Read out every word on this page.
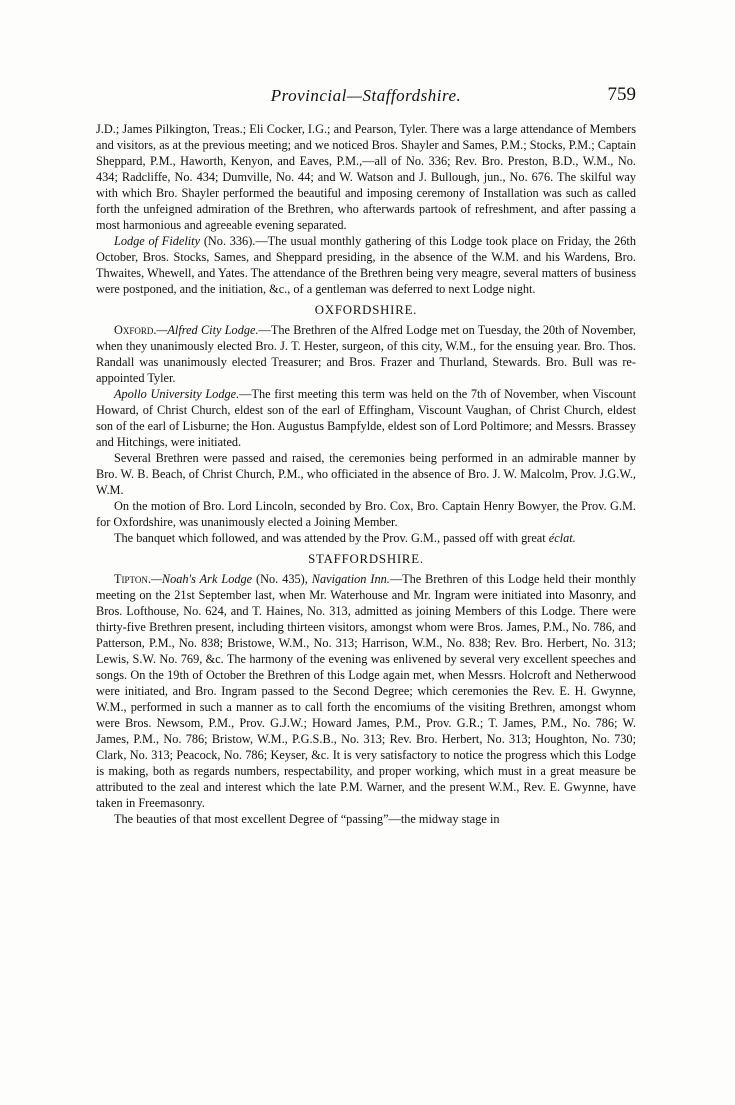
Provincial—Staffordshire.	759

J.D.; James Pilkington, Treas.; Eli Cocker, I.G.; and Pearson, Tyler. There was a large attendance of Members and visitors, as at the previous meeting; and we noticed Bros. Shayler and Sames, P.M.; Stocks, P.M.; Captain Sheppard, P.M., Haworth, Kenyon, and Eaves, P.M.,—all of No. 336; Rev. Bro. Preston, B.D., W.M., No. 434; Radcliffe, No. 434; Dumville, No. 44; and W. Watson and J. Bullough, jun., No. 676. The skilful way with which Bro. Shayler performed the beautiful and imposing ceremony of Installation was such as called forth the unfeigned admiration of the Brethren, who afterwards partook of refreshment, and after passing a most harmonious and agreeable evening separated.

Lodge of Fidelity (No. 336).—The usual monthly gathering of this Lodge took place on Friday, the 26th October, Bros. Stocks, Sames, and Sheppard presiding, in the absence of the W.M. and his Wardens, Bro. Thwaites, Whewell, and Yates. The attendance of the Brethren being very meagre, several matters of business were postponed, and the initiation, &c., of a gentleman was deferred to next Lodge night.

OXFORDSHIRE.

Oxford.—Alfred City Lodge.—The Brethren of the Alfred Lodge met on Tuesday, the 20th of November, when they unanimously elected Bro. J. T. Hester, surgeon, of this city, W.M., for the ensuing year. Bro. Thos. Randall was unanimously elected Treasurer; and Bros. Frazer and Thurland, Stewards. Bro. Bull was re-appointed Tyler.

Apollo University Lodge.—The first meeting this term was held on the 7th of November, when Viscount Howard, of Christ Church, eldest son of the earl of Effingham, Viscount Vaughan, of Christ Church, eldest son of the earl of Lisburne; the Hon. Augustus Bampfylde, eldest son of Lord Poltimore; and Messrs. Brassey and Hitchings, were initiated.

Several Brethren were passed and raised, the ceremonies being performed in an admirable manner by Bro. W. B. Beach, of Christ Church, P.M., who officiated in the absence of Bro. J. W. Malcolm, Prov. J.G.W., W.M.

On the motion of Bro. Lord Lincoln, seconded by Bro. Cox, Bro. Captain Henry Bowyer, the Prov. G.M. for Oxfordshire, was unanimously elected a Joining Member.

The banquet which followed, and was attended by the Prov. G.M., passed off with great éclat.

STAFFORDSHIRE.

Tipton.—Noah's Ark Lodge (No. 435), Navigation Inn.—The Brethren of this Lodge held their monthly meeting on the 21st September last, when Mr. Waterhouse and Mr. Ingram were initiated into Masonry, and Bros. Lofthouse, No. 624, and T. Haines, No. 313, admitted as joining Members of this Lodge. There were thirty-five Brethren present, including thirteen visitors, amongst whom were Bros. James, P.M., No. 786, and Patterson, P.M., No. 838; Bristowe, W.M., No. 313; Harrison, W.M., No. 838; Rev. Bro. Herbert, No. 313; Lewis, S.W. No. 769, &c. The harmony of the evening was enlivened by several very excellent speeches and songs. On the 19th of October the Brethren of this Lodge again met, when Messrs. Holcroft and Netherwood were initiated, and Bro. Ingram passed to the Second Degree; which ceremonies the Rev. E. H. Gwynne, W.M., performed in such a manner as to call forth the encomiums of the visiting Brethren, amongst whom were Bros. Newsom, P.M., Prov. G.J.W.; Howard James, P.M., Prov. G.R.; T. James, P.M., No. 786; W. James, P.M., No. 786; Bristow, W.M., P.G.S.B., No. 313; Rev. Bro. Herbert, No. 313; Houghton, No. 730; Clark, No. 313; Peacock, No. 786; Keyser, &c. It is very satisfactory to notice the progress which this Lodge is making, both as regards numbers, respectability, and proper working, which must in a great measure be attributed to the zeal and interest which the late P.M. Warner, and the present W.M., Rev. E. Gwynne, have taken in Freemasonry.

The beauties of that most excellent Degree of “passing”—the midway stage in
